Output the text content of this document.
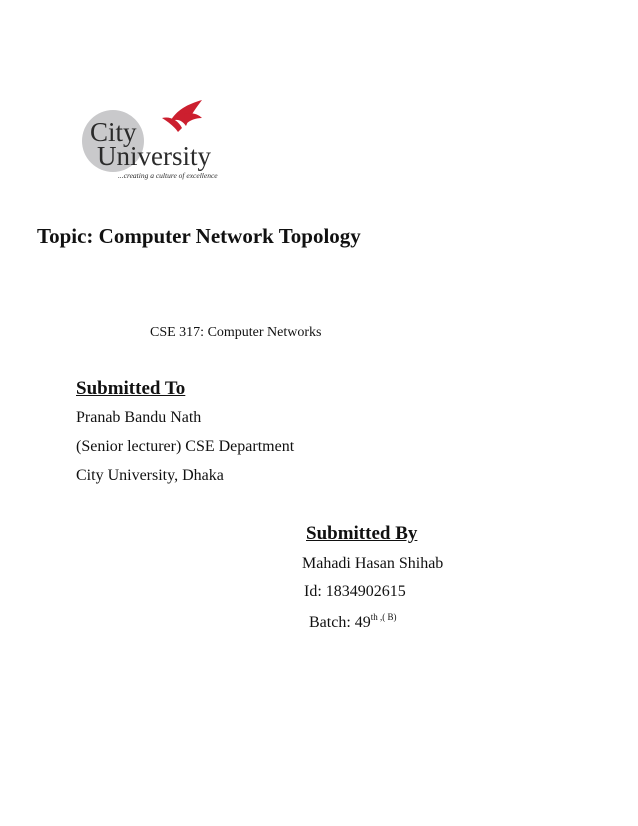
City
University
...creating a culture of excellence
Topic: Computer Network Topology
CSE 317: Computer Networks
Submitted To
Pranab Bandu Nath
(Senior lecturer) CSE Department
City University, Dhaka
Submitted By
Mahadi Hasan Shihab
Id: 1834902615
Batch: $49^{th ,( B)}$
